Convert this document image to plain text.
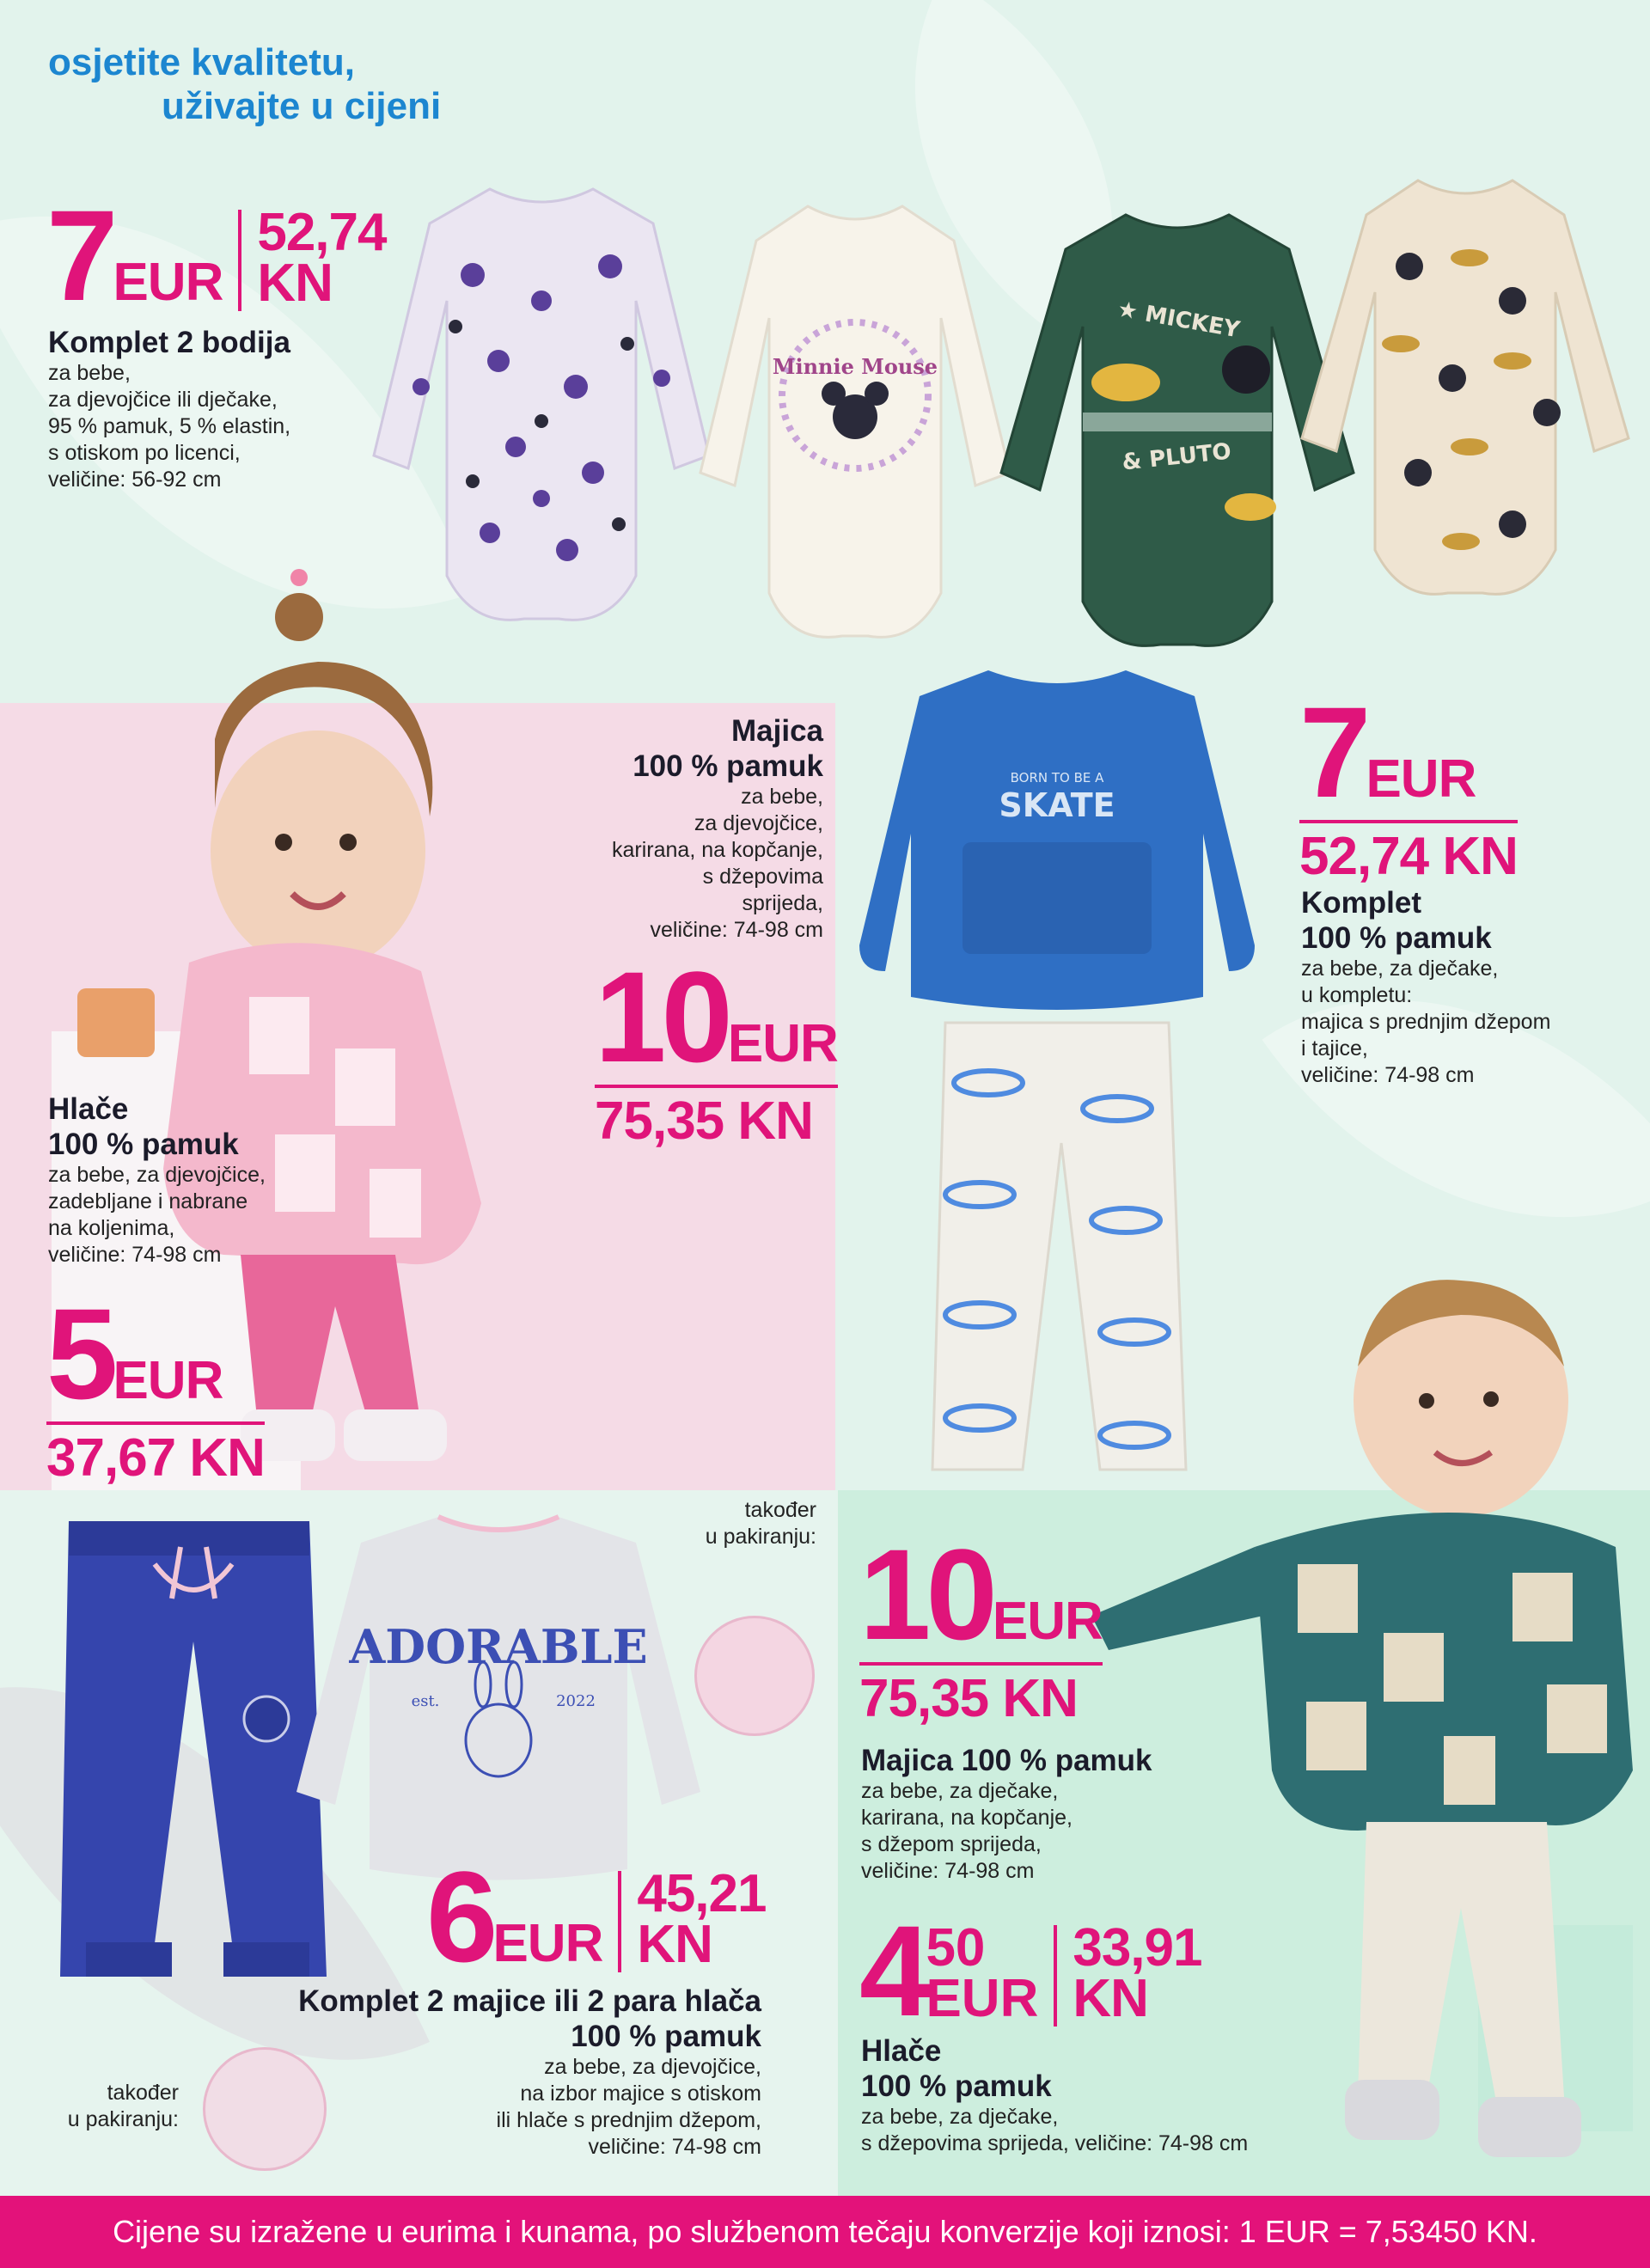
osjetite kvalitetu,
uživajte u cijeni
7EUR52,74
KN
Komplet 2 bodija
za bebe,
za djevojčice ili dječake,
95 % pamuk, 5 % elastin,
s otiskom po licenci,
veličine: 56-92 cm
Minnie Mouse
★ MICKEY
& PLUTO
Majica
100 % pamuk
za bebe,
za djevojčice,
karirana, na kopčanje,
s džepovima
sprijeda,
veličine: 74-98 cm
10EUR
75,35 KN
Hlače
100 % pamuk
za bebe, za djevojčice,
zadebljane i nabrane
na koljenima,
veličine: 74-98 cm
5EUR
37,67 KN
BORN TO BE A
SKATE 7EUR
52,74 KN
Komplet
100 % pamuk
za bebe, za dječake,
u kompletu:
majica s prednjim džepom
i tajice,
veličine: 74-98 cm
10EUR
75,35 KN
Majica 100 % pamuk
za bebe, za dječake,
karirana, na kopčanje,
s džepom sprijeda,
veličine: 74-98 cm
4 50
EUR
33,91
KN
Hlače
100 % pamuk
za bebe, za dječake,
s džepovima sprijeda, veličine: 74-98 cm
ADORABLE
est.	2022
također
u pakiranju:
6EUR45,21
KN
Komplet 2 majice ili 2 para hlača
100 % pamuk
za bebe, za djevojčice,
na izbor majice s otiskom
ili hlače s prednjim džepom,
veličine: 74-98 cm
također
u pakiranju:
Cijene su izražene u eurima i kunama, po službenom tečaju konverzije koji iznosi: 1 EUR = 7,53450 KN.
